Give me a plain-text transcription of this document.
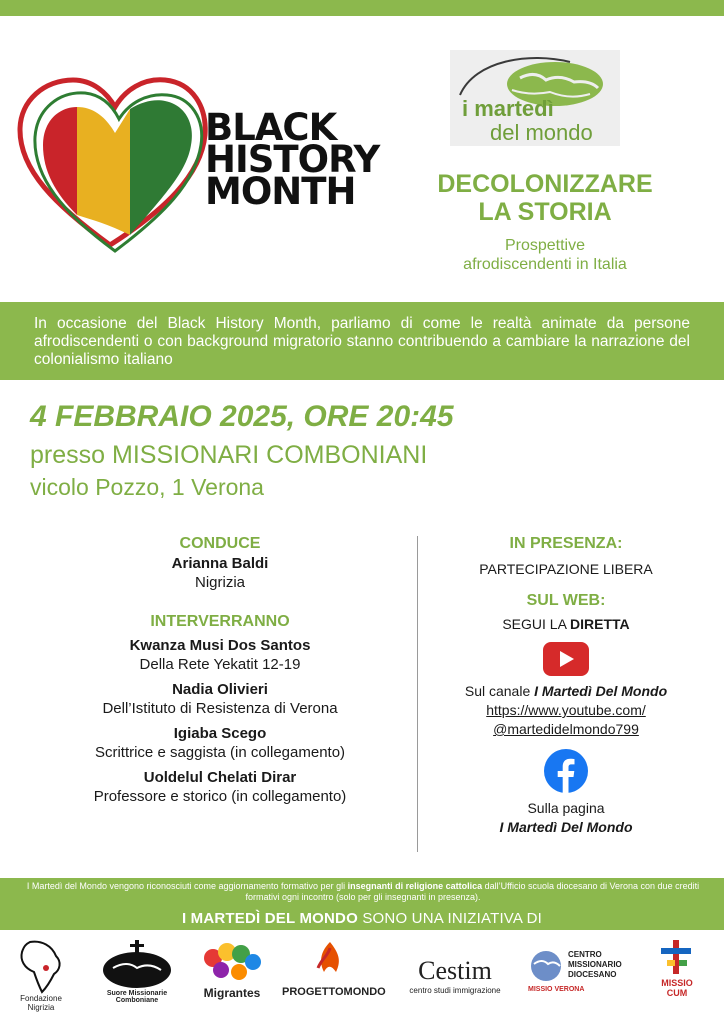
BLACK
HISTORY
MONTH
i martedì
del mondo
DECOLONIZZARE
LA STORIA
Prospettive
afrodiscendenti in Italia
In occasione del Black History Month, parliamo di come le realtà animate da persone afrodiscendenti o con background migratorio stanno contribuendo a cambiare la narrazione del colonialismo italiano
4 FEBBRAIO 2025, ORE 20:45
presso MISSIONARI COMBONIANI
vicolo Pozzo, 1 Verona
CONDUCE
Arianna Baldi
Nigrizia
INTERVERRANNO
Kwanza Musi Dos Santos
Della Rete Yekatit 12-19
Nadia Olivieri
Dell’Istituto di Resistenza di Verona
Igiaba Scego
Scrittrice e saggista (in collegamento)
Uoldelul Chelati Dirar
Professore e storico (in collegamento)
IN PRESENZA:
PARTECIPAZIONE LIBERA
SUL WEB:
SEGUI LA DIRETTA
Sul canale I Martedì Del Mondo
https://www.youtube.com/
@martedidelmondo799
Sulla pagina
I Martedì Del Mondo
I Martedì del Mondo vengono riconosciuti come aggiornamento formativo per gli insegnanti di religione cattolica dall’Ufficio scuola diocesano di Verona con due crediti formativi ogni incontro (solo per gli insegnanti in presenza).
I MARTEDÌ DEL MONDO SONO UNA INIZIATIVA DI
Fondazione
Nigrizia
Suore Missionarie Comboniane
Migrantes	PROGETTOMONDO
Cestim
centro studi immigrazione
CENTRO
MISSIONARIO
DIOCESANO
MISSIO VERONA
MISSIO
CUM
